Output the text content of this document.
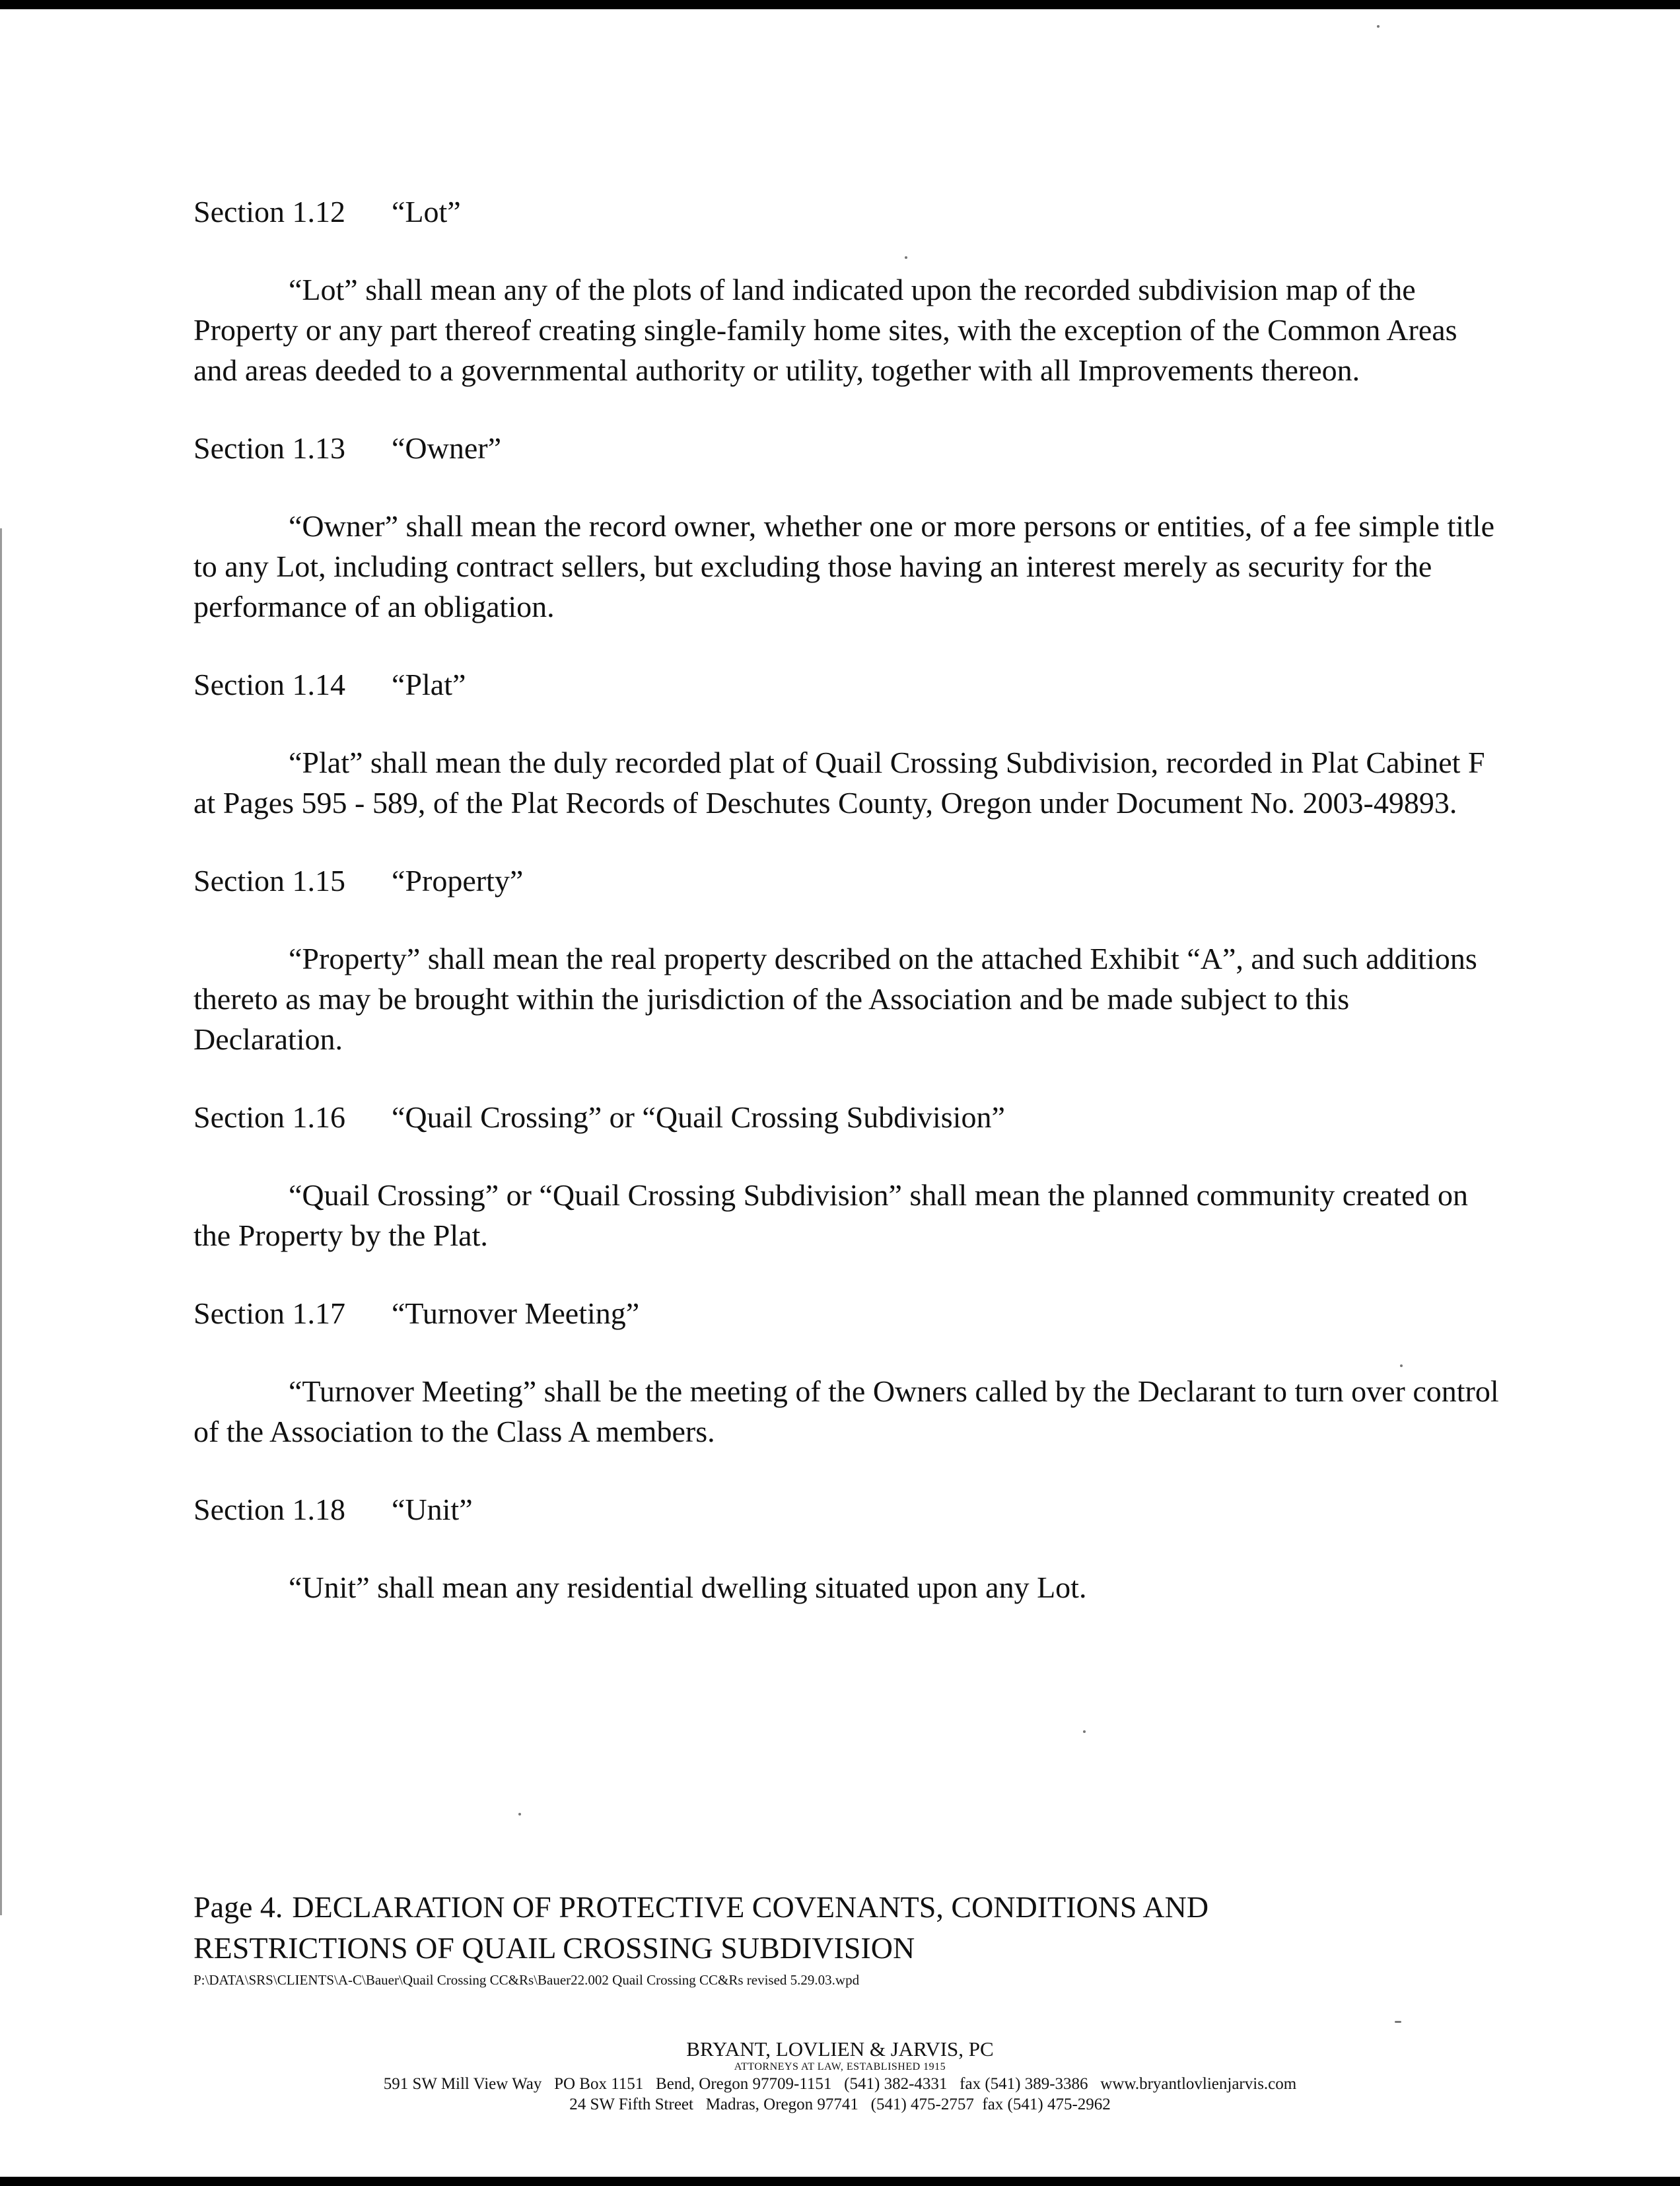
Section 1.12 “Lot”

“Lot” shall mean any of the plots of land indicated upon the recorded subdivision map of the Property or any part thereof creating single-family home sites, with the exception of the Common Areas and areas deeded to a governmental authority or utility, together with all Improvements thereon.

Section 1.13 “Owner”

“Owner” shall mean the record owner, whether one or more persons or entities, of a fee simple title to any Lot, including contract sellers, but excluding those having an interest merely as security for the performance of an obligation.

Section 1.14 “Plat”

“Plat” shall mean the duly recorded plat of Quail Crossing Subdivision, recorded in Plat Cabinet F  at Pages 595 - 589, of the Plat Records of Deschutes County, Oregon under Document No. 2003-49893.

Section 1.15 “Property”

“Property” shall mean the real property described on the attached Exhibit “A”, and such additions thereto as may be brought within the jurisdiction of the Association and be made subject to this Declaration.

Section 1.16 “Quail Crossing” or “Quail Crossing Subdivision”

“Quail Crossing” or “Quail Crossing Subdivision” shall mean the planned community created on the Property by the Plat.

Section 1.17 “Turnover Meeting”

“Turnover Meeting” shall be the meeting of the Owners called by the Declarant to turn over control of the Association to the Class A members.

Section 1.18 “Unit”

“Unit” shall mean any residential dwelling situated upon any Lot.

Page 4. DECLARATION OF PROTECTIVE COVENANTS, CONDITIONS AND

RESTRICTIONS OF QUAIL CROSSING SUBDIVISION

P:\DATA\SRS\CLIENTS\A-C\Bauer\Quail Crossing CC&Rs\Bauer22.002 Quail Crossing CC&Rs revised 5.29.03.wpd

BRYANT, LOVLIEN & JARVIS, PC

ATTORNEYS AT LAW, ESTABLISHED 1915

591 SW Mill View Way   PO Box 1151   Bend, Oregon 97709-1151   (541) 382-4331   fax (541) 389-3386   www.bryantlovlienjarvis.com

24 SW Fifth Street   Madras, Oregon 97741   (541) 475-2757  fax (541) 475-2962
